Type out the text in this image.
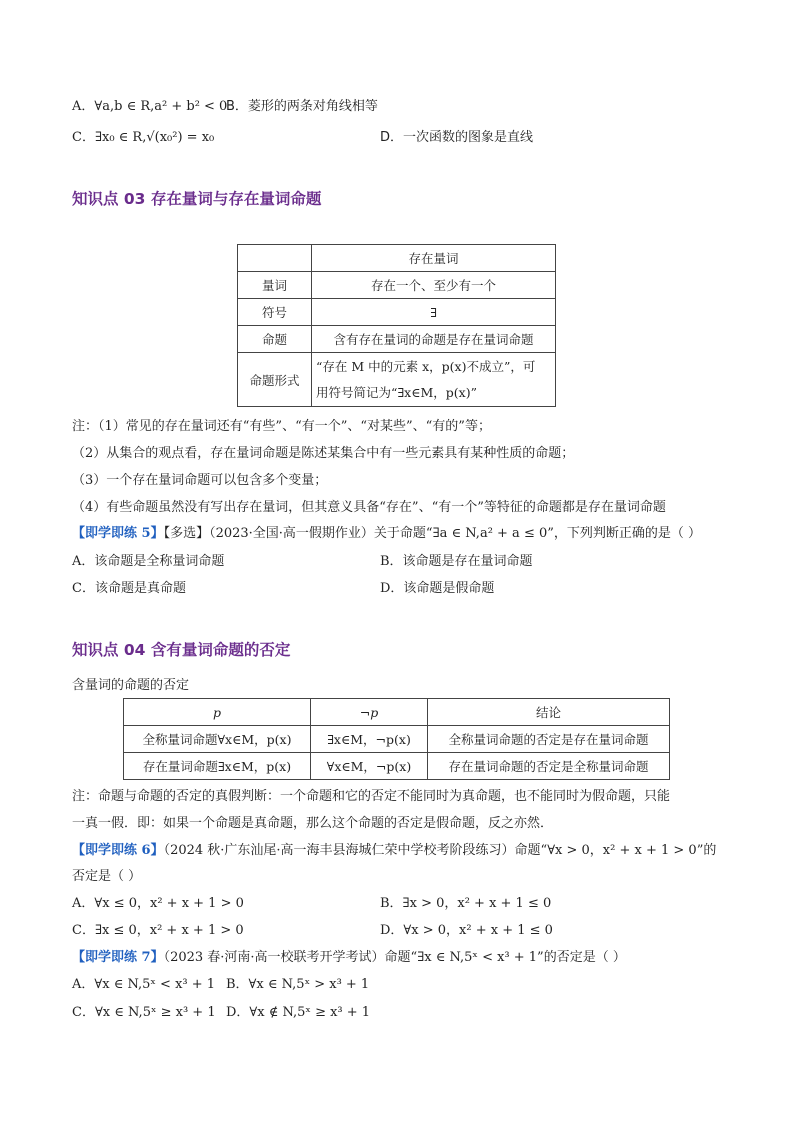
A．∀a,b ∈ R,a² + b² < 0
B．菱形的两条对角线相等
C．∃x₀ ∈ R,√(x₀²) = x₀	D．一次函数的图象是直线
知识点 03 存在量词与存在量词命题
	存在量词
量词	存在一个、至少有一个
符号	∃
命题	含有存在量词的命题是存在量词命题
命题形式	“存在 M 中的元素 x，p(x)不成立”，可
用符号简记为“∃x∈M，p(x)”
注：（1）常见的存在量词还有“有些”、“有一个”、“对某些”、“有的”等；
（2）从集合的观点看，存在量词命题是陈述某集合中有一些元素具有某种性质的命题；
（3）一个存在量词命题可以包含多个变量；
（4）有些命题虽然没有写出存在量词，但其意义具备“存在”、“有一个”等特征的命题都是存在量词命题
【即学即练 5】【多选】（2023·全国·高一假期作业）关于命题“∃a ∈ N,a² + a ≤ 0”，下列判断正确的是（ ）
A．该命题是全称量词命题	B．该命题是存在量词命题
C．该命题是真命题	D．该命题是假命题
知识点 04 含有量词命题的否定
含量词的命题的否定
p	¬p	结论
全称量词命题∀x∈M，p(x)	∃x∈M，¬p(x)	全称量词命题的否定是存在量词命题
存在量词命题∃x∈M，p(x)	∀x∈M，¬p(x)	存在量词命题的否定是全称量词命题
注：命题与命题的否定的真假判断：一个命题和它的否定不能同时为真命题，也不能同时为假命题，只能
一真一假．即：如果一个命题是真命题，那么这个命题的否定是假命题，反之亦然．
【即学即练 6】（2024 秋·广东汕尾·高一海丰县海城仁荣中学校考阶段练习）命题“∀x > 0，x² + x + 1 > 0”的
否定是（ ）
A．∀x ≤ 0，x² + x + 1 > 0	B．∃x > 0，x² + x + 1 ≤ 0
C．∃x ≤ 0，x² + x + 1 > 0	D．∀x > 0，x² + x + 1 ≤ 0
【即学即练 7】（2023 春·河南·高一校联考开学考试）命题“∃x ∈ N,5ˣ < x³ + 1”的否定是（ ）
A．∀x ∈ N,5ˣ < x³ + 1 B．∀x ∈ N,5ˣ > x³ + 1
C．∀x ∈ N,5ˣ ≥ x³ + 1 D．∀x ∉ N,5ˣ ≥ x³ + 1
